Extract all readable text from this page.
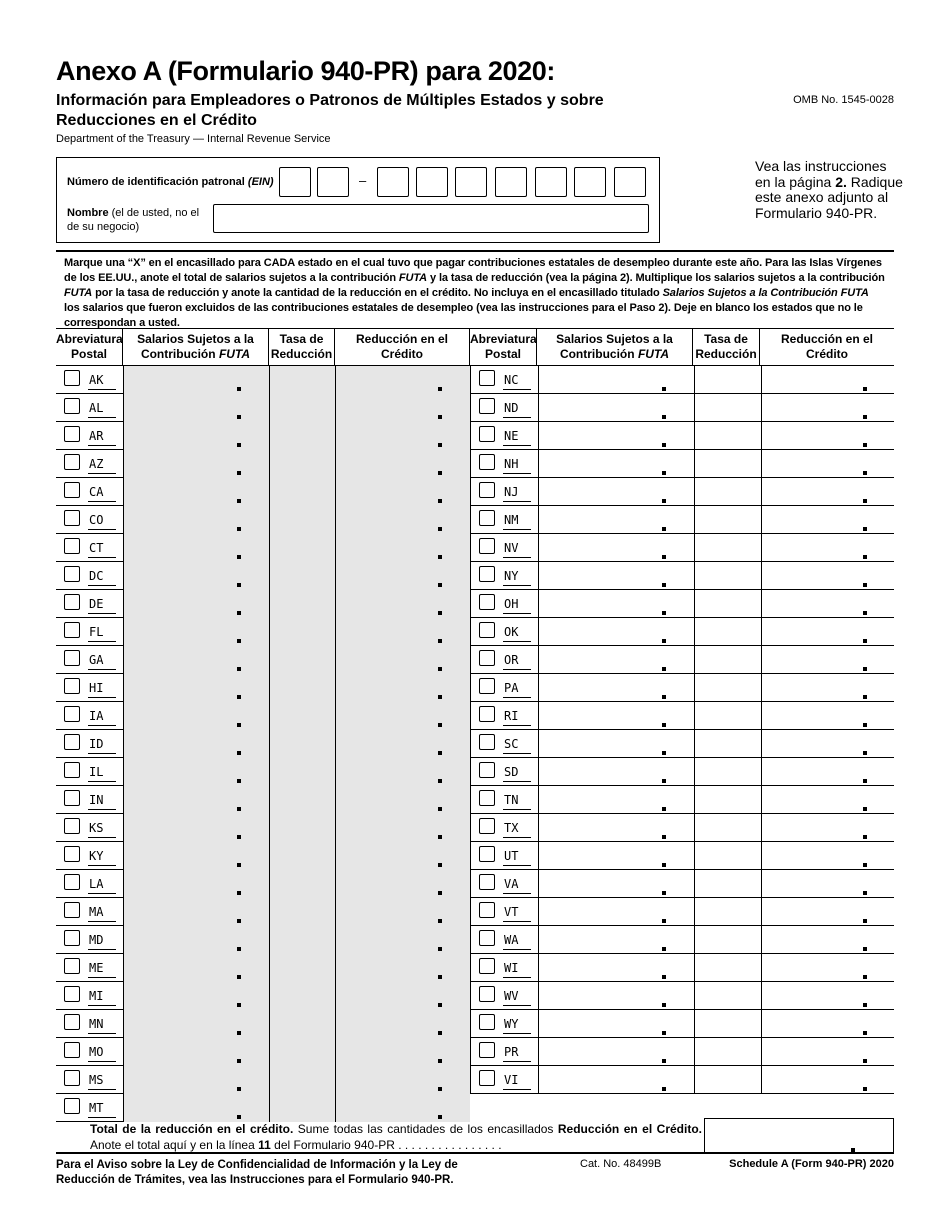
Anexo A (Formulario 940-PR) para 2020:
Información para Empleadores o Patronos de Múltiples Estados y sobre Reducciones en el Crédito
OMB No. 1545-0028
Department of the Treasury — Internal Revenue Service
Número de identificación patronal (EIN)	–
Nombre (el de usted, no el de su negocio)
Vea las instrucciones en la página 2. Radique este anexo adjunto al Formulario 940-PR.
Marque una “X” en el encasillado para CADA estado en el cual tuvo que pagar contribuciones estatales de desempleo durante este año. Para las Islas Vírgenes de los EE.UU., anote el total de salarios sujetos a la contribución FUTA y la tasa de reducción (vea la página 2). Multiplique los salarios sujetos a la contribución FUTA por la tasa de reducción y anote la cantidad de la reducción en el crédito. No incluya en el encasillado titulado Salarios Sujetos a la Contribución FUTA los salarios que fueron excluidos de las contribuciones estatales de desempleo (vea las instrucciones para el Paso 2). Deje en blanco los estados que no le correspondan a usted.
Abreviatura
Postal
Salarios Sujetos a la
Contribución FUTA
Tasa de
Reducción
Reducción en el
Crédito
Abreviatura
Postal
Salarios Sujetos a la
Contribución FUTA
Tasa de
Reducción
Reducción en el
Crédito
AK
AL
AR
AZ
CA
CO
CT
DC
DE
FL
GA
HI
IA
ID
IL
IN
KS
KY
LA
MA
MD
ME
MI
MN
MO
MS
MT
NC
ND
NE
NH
NJ
NM
NV
NY
OH
OK
OR
PA
RI
SC
SD
TN
TX
UT
VA
VT
WA
WI
WV
WY
PR
VI
Total de la reducción en el crédito. Sume todas las cantidades de los encasillados Reducción en el Crédito. Anote el total aquí y en la línea 11 del Formulario 940-PR . . . . . . . . . . . . . . . .
Para el Aviso sobre la Ley de Confidencialidad de Información y la Ley de Reducción de Trámites, vea las Instrucciones para el Formulario 940-PR.
Cat. No. 48499B	Schedule A (Form 940-PR) 2020
